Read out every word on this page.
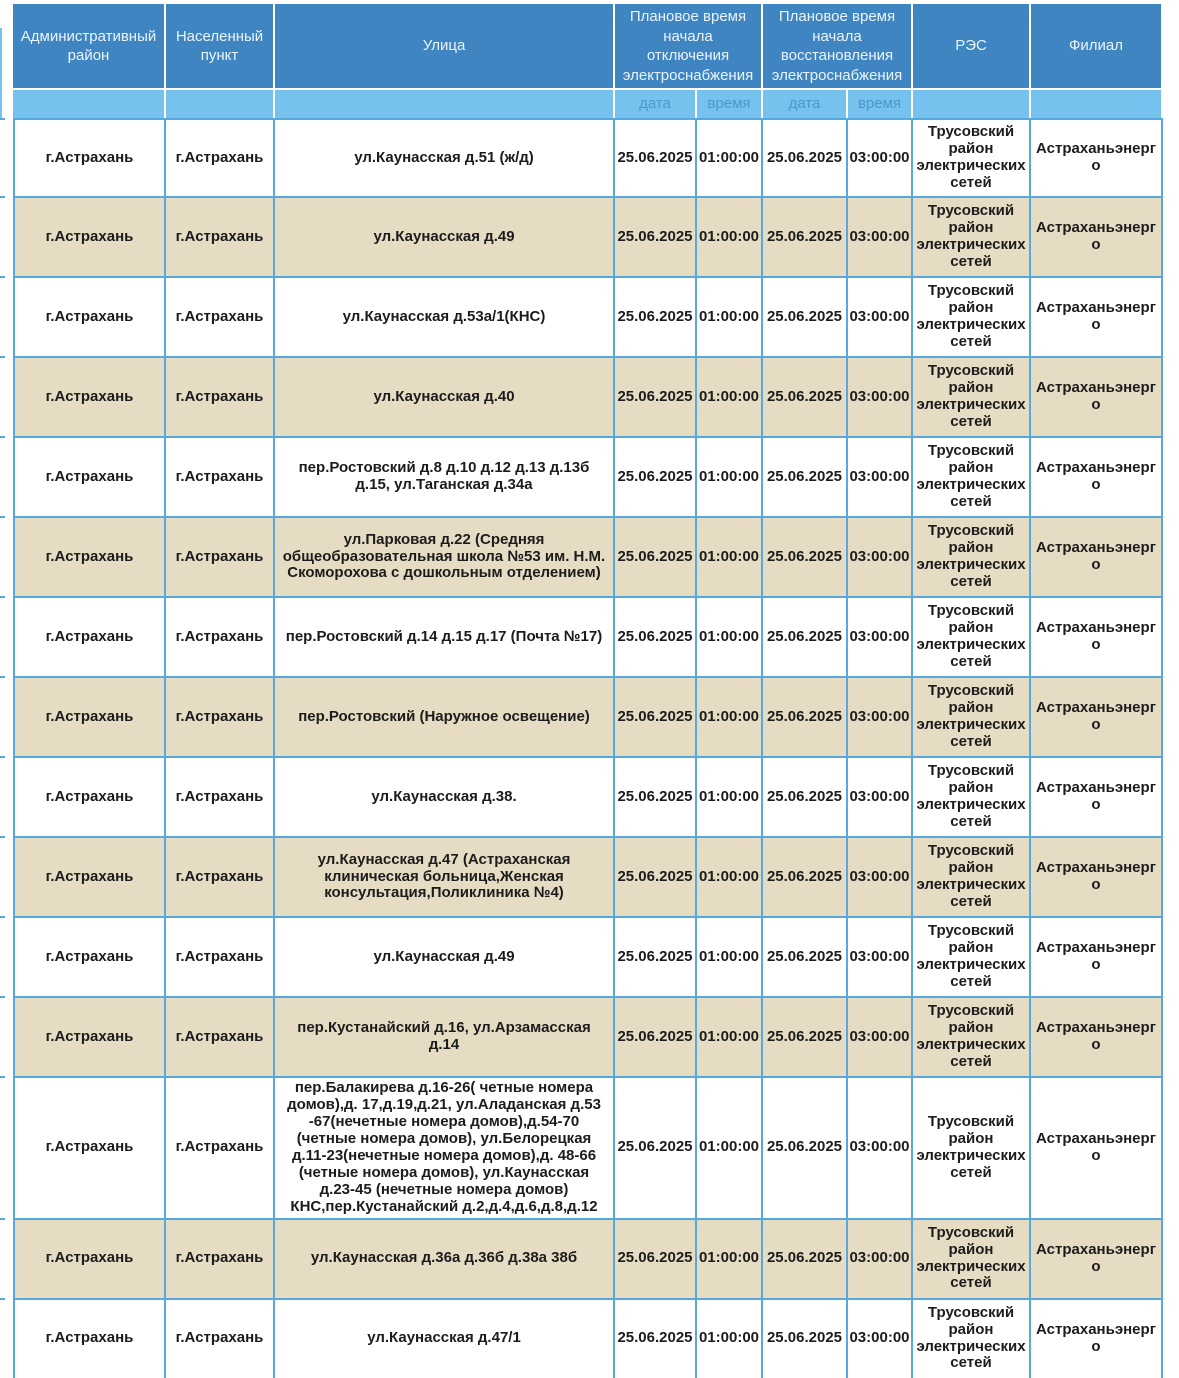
Административный район	Населенный пункт	Улица	Плановое время начала отключения электроснабжения		Плановое время начала восстановления электроснабжения		РЭС	Филиал
			дата	время	дата	время		
г.Астрахань	г.Астрахань	ул.Каунасская д.51 (ж/д)	25.06.2025	01:00:00	25.06.2025	03:00:00	Трусовский район электрических сетей	Астраханьэнерго
г.Астрахань	г.Астрахань	ул.Каунасская д.49	25.06.2025	01:00:00	25.06.2025	03:00:00	Трусовский район электрических сетей	Астраханьэнерго
г.Астрахань	г.Астрахань	ул.Каунасская д.53а/1(КНС)	25.06.2025	01:00:00	25.06.2025	03:00:00	Трусовский район электрических сетей	Астраханьэнерго
г.Астрахань	г.Астрахань	ул.Каунасская д.40	25.06.2025	01:00:00	25.06.2025	03:00:00	Трусовский район электрических сетей	Астраханьэнерго
г.Астрахань	г.Астрахань	пер.Ростовский д.8 д.10 д.12 д.13 д.13б д.15, ул.Таганская д.34а	25.06.2025	01:00:00	25.06.2025	03:00:00	Трусовский район электрических сетей	Астраханьэнерго
г.Астрахань	г.Астрахань	ул.Парковая д.22 (Средняя общеобразовательная школа №53 им. Н.М. Скоморохова с дошкольным отделением)	25.06.2025	01:00:00	25.06.2025	03:00:00	Трусовский район электрических сетей	Астраханьэнерго
г.Астрахань	г.Астрахань	пер.Ростовский д.14 д.15 д.17 (Почта №17)	25.06.2025	01:00:00	25.06.2025	03:00:00	Трусовский район электрических сетей	Астраханьэнерго
г.Астрахань	г.Астрахань	пер.Ростовский (Наружное освещение)	25.06.2025	01:00:00	25.06.2025	03:00:00	Трусовский район электрических сетей	Астраханьэнерго
г.Астрахань	г.Астрахань	ул.Каунасская д.38.	25.06.2025	01:00:00	25.06.2025	03:00:00	Трусовский район электрических сетей	Астраханьэнерго
г.Астрахань	г.Астрахань	ул.Каунасская д.47 (Астраханская клиническая больница,Женская консультация,Поликлиника №4)	25.06.2025	01:00:00	25.06.2025	03:00:00	Трусовский район электрических сетей	Астраханьэнерго
г.Астрахань	г.Астрахань	ул.Каунасская д.49	25.06.2025	01:00:00	25.06.2025	03:00:00	Трусовский район электрических сетей	Астраханьэнерго
г.Астрахань	г.Астрахань	пер.Кустанайский д.16, ул.Арзамасская д.14	25.06.2025	01:00:00	25.06.2025	03:00:00	Трусовский район электрических сетей	Астраханьэнерго
г.Астрахань	г.Астрахань	пер.Балакирева д.16-26( четные номера домов),д. 17,д.19,д.21, ул.Аладанская д.53 -67(нечетные номера домов),д.54-70 (четные номера домов), ул.Белорецкая д.11-23(нечетные номера домов),д. 48-66 (четные номера домов), ул.Каунасская д.23-45 (нечетные номера домов) КНС,пер.Кустанайский д.2,д.4,д.6,д.8,д.12	25.06.2025	01:00:00	25.06.2025	03:00:00	Трусовский район электрических сетей	Астраханьэнерго
г.Астрахань	г.Астрахань	ул.Каунасская д.36а д.36б д.38а 38б	25.06.2025	01:00:00	25.06.2025	03:00:00	Трусовский район электрических сетей	Астраханьэнерго
г.Астрахань	г.Астрахань	ул.Каунасская д.47/1	25.06.2025	01:00:00	25.06.2025	03:00:00	Трусовский район электрических сетей	Астраханьэнерго
